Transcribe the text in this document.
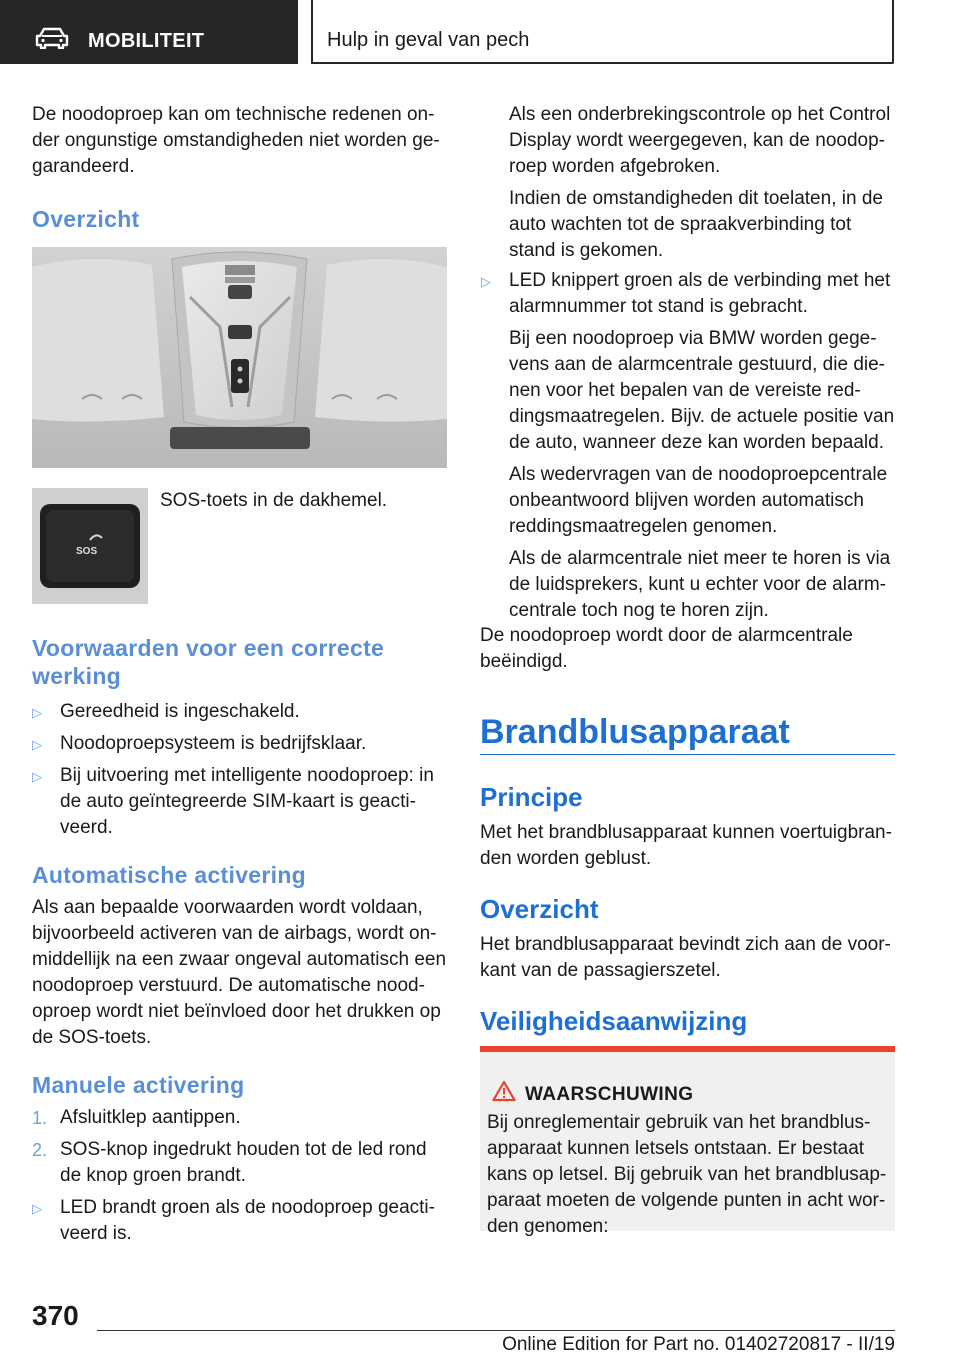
MOBILITEIT	Hulp in geval van pech

De noodoproep kan om technische redenen on-der ongunstige omstandigheden niet worden ge-garandeerd.

Overzicht
SOS

SOS-toets in de dakhemel.

Voorwaarden voor een correcte
werking
▷ Gereedheid is ingeschakeld.
▷ Noodoproepsysteem is bedrijfsklaar.
▷ Bij uitvoering met intelligente noodoproep: in de auto geïntegreerde SIM-kaart is geacti-veerd.
Automatische activering

Als aan bepaalde voorwaarden wordt voldaan, bijvoorbeeld activeren van de airbags, wordt on-middellijk na een zwaar ongeval automatisch een noodoproep verstuurd. De automatische nood-oproep wordt niet beïnvloed door het drukken op de SOS-toets.

Manuele activering
1. Afsluitklep aantippen.
2. SOS-knop ingedrukt houden tot de led rond de knop groen brandt.
▷ LED brandt groen als de noodoproep geacti-veerd is.

Als een onderbrekingscontrole op het Control Display wordt weergegeven, kan de noodop-roep worden afgebroken.

Indien de omstandigheden dit toelaten, in de auto wachten tot de spraakverbinding tot stand is gekomen.

▷ LED knippert groen als de verbinding met het alarmnummer tot stand is gebracht.

Bij een noodoproep via BMW worden gege-vens aan de alarmcentrale gestuurd, die die-nen voor het bepalen van de vereiste red-dingsmaatregelen. Bijv. de actuele positie van de auto, wanneer deze kan worden bepaald.

Als wedervragen van de noodoproepcentrale onbeantwoord blijven worden automatisch reddingsmaatregelen genomen.

Als de alarmcentrale niet meer te horen is via de luidsprekers, kunt u echter voor de alarm-centrale toch nog te horen zijn.

De noodoproep wordt door de alarmcentrale beëindigd.

Brandblusapparaat
Principe

Met het brandblusapparaat kunnen voertuigbran-den worden geblust.

Overzicht

Het brandblusapparaat bevindt zich aan de voor-kant van de passagierszetel.

Veiligheidsaanwijzing
WAARSCHUWING
Bij onreglementair gebruik van het brandblus-apparaat kunnen letsels ontstaan. Er bestaat kans op letsel. Bij gebruik van het brandblusap-paraat moeten de volgende punten in acht wor-den genomen:
370
Online Edition for Part no. 01402720817 - II/19
